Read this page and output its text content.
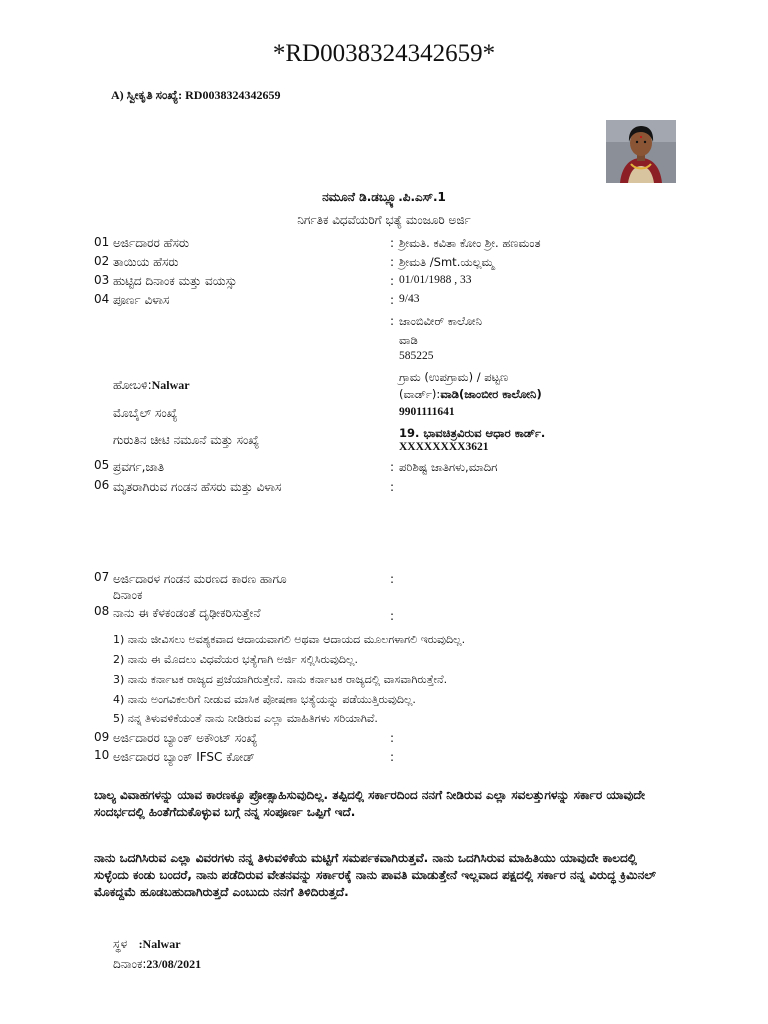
*RD0038324342659*
A) ಸ್ವೀಕೃತಿ ಸಂಖ್ಯೆ: RD0038324342659
ನಮೂನೆ ಡಿ.ಡಬ್ಲ್ಯೂ.ಪಿ.ಎಸ್.1
ನಿರ್ಗತಿಕ ವಿಧವೆಯರಿಗೆ ಭತ್ಯೆ ಮಂಜೂರಿ ಅರ್ಜಿ
01 ಅರ್ಜಿದಾರರ ಹೆಸರು	: ಶ್ರೀಮತಿ. ಕವಿತಾ ಕೋಂ ಶ್ರೀ. ಹಣಮಂತ
02 ತಾಯಿಯ ಹೆಸರು	: ಶ್ರೀಮತಿ /Smt.ಯಲ್ಲಮ್ಮ
03 ಹುಟ್ಟಿದ ದಿನಾಂಕ ಮತ್ತು ವಯಸ್ಸು	: 01/01/1988 , 33
04 ಪೂರ್ಣ ವಿಳಾಸ	: 9/43
: ಜಾಂಬಿವೀರ್ ಕಾಲೋನಿ
ವಾಡಿ
585225
ಹೋಬಳಿ:Nalwar
ಗ್ರಾಮ (ಉಪಗ್ರಾಮ) / ಪಟ್ಟಣ
(ವಾರ್ಡ್):ವಾಡಿ(ಜಾಂಬೀರ ಕಾಲೋನಿ)
ಮೊಬೈಲ್ ಸಂಖ್ಯೆ	9901111641
ಗುರುತಿನ ಚೀಟಿ ನಮೂನೆ ಮತ್ತು ಸಂಖ್ಯೆ	19. ಭಾವಚಿತ್ರವಿರುವ ಆಧಾರ ಕಾರ್ಡ್.
XXXXXXXX3621
05 ಪ್ರವರ್ಗ,ಜಾತಿ	: ಪರಿಶಿಷ್ಟ ಜಾತಿಗಳು,ಮಾದಿಗ
06 ಮೃತರಾಗಿರುವ ಗಂಡನ ಹೆಸರು ಮತ್ತು ವಿಳಾಸ	:
07 ಅರ್ಜಿದಾರಳ ಗಂಡನ ಮರಣದ ಕಾರಣ ಹಾಗೂ
ದಿನಾಂಕ
:
08 ನಾನು ಈ ಕೆಳಕಂಡಂತೆ ದೃಢೀಕರಿಸುತ್ತೇನೆ	:
1) ನಾನು ಜೀವಿಸಲು ಅವಶ್ಯಕವಾದ ಆದಾಯವಾಗಲಿ ಅಥವಾ ಆದಾಯದ ಮೂಲಗಳಾಗಲಿ ಇರುವುದಿಲ್ಲ.
2) ನಾನು ಈ ಮೊದಲು ವಿಧವೆಯರ ಭತ್ಯೆಗಾಗಿ ಅರ್ಜಿ ಸಲ್ಲಿಸಿರುವುದಿಲ್ಲ.
3) ನಾನು ಕರ್ನಾಟಕ ರಾಜ್ಯದ ಪ್ರಜೆಯಾಗಿರುತ್ತೇನೆ. ನಾನು ಕರ್ನಾಟಕ ರಾಜ್ಯದಲ್ಲಿ ವಾಸವಾಗಿರುತ್ತೇನೆ.
4) ನಾನು ಅಂಗವಿಕಲರಿಗೆ ನೀಡುವ ಮಾಸಿಕ ಪೋಷಣಾ ಭತ್ಯೆಯನ್ನು ಪಡೆಯುತ್ತಿರುವುದಿಲ್ಲ.
5) ನನ್ನ ತಿಳುವಳಿಕೆಯಂತೆ ನಾನು ನೀಡಿರುವ ಎಲ್ಲಾ ಮಾಹಿತಿಗಳು ಸರಿಯಾಗಿವೆ.
09 ಅರ್ಜಿದಾರರ ಬ್ಯಾಂಕ್ ಅಕೌಂಟ್ ಸಂಖ್ಯೆ	:
10 ಅರ್ಜಿದಾರರ ಬ್ಯಾಂಕ್ IFSC ಕೋಡ್	:
ಬಾಲ್ಯ ವಿವಾಹಗಳನ್ನು ಯಾವ ಕಾರಣಕ್ಕೂ ಪ್ರೋತ್ಸಾಹಿಸುವುದಿಲ್ಲ. ತಪ್ಪಿದಲ್ಲಿ ಸರ್ಕಾರದಿಂದ ನನಗೆ ನೀಡಿರುವ ಎಲ್ಲಾ ಸವಲತ್ತುಗಳನ್ನು ಸರ್ಕಾರ ಯಾವುದೇ ಸಂದರ್ಭದಲ್ಲಿ ಹಿಂತೆಗೆದುಕೊಳ್ಳುವ ಬಗ್ಗೆ ನನ್ನ ಸಂಪೂರ್ಣ ಒಪ್ಪಿಗೆ ಇದೆ.
ನಾನು ಒದಗಿಸಿರುವ ಎಲ್ಲಾ ವಿವರಗಳು ನನ್ನ ತಿಳುವಳಿಕೆಯ ಮಟ್ಟಿಗೆ ಸಮರ್ಪಕವಾಗಿರುತ್ತವೆ. ನಾನು ಒದಗಿಸಿರುವ ಮಾಹಿತಿಯು ಯಾವುದೇ ಕಾಲದಲ್ಲಿ ಸುಳ್ಳೆಂದು ಕಂಡು ಬಂದರೆ, ನಾನು ಪಡೆದಿರುವ ವೇತನವನ್ನು ಸರ್ಕಾರಕ್ಕೆ ನಾನು ಪಾವತಿ ಮಾಡುತ್ತೇನೆ ಇಲ್ಲವಾದ ಪಕ್ಷದಲ್ಲಿ ಸರ್ಕಾರ ನನ್ನ ವಿರುದ್ಧ ಕ್ರಿಮಿನಲ್ ಮೊಕದ್ದಮೆ ಹೂಡಬಹುದಾಗಿರುತ್ತದೆ ಎಂಬುದು ನನಗೆ ತಿಳಿದಿರುತ್ತದೆ.
ಸ್ಥಳ :Nalwar
ದಿನಾಂಕ:23/08/2021
